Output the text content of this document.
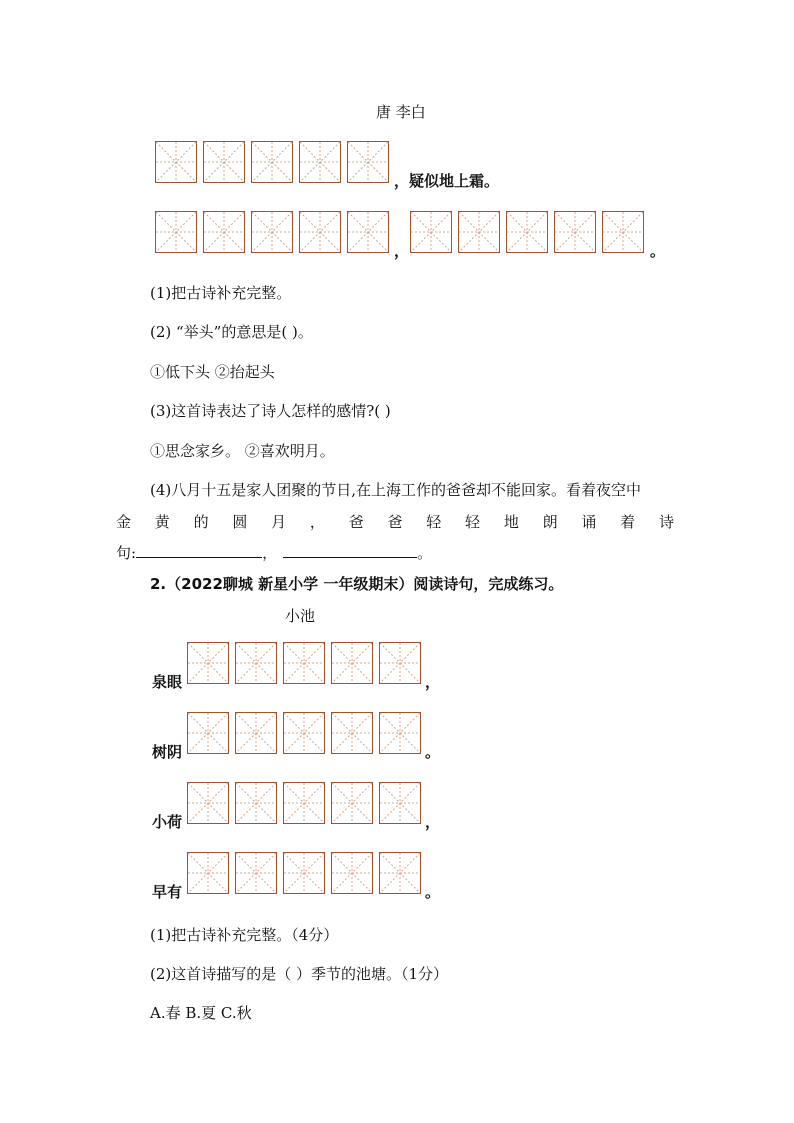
唐 李白
，疑似地上霜。
，	。
(1)把古诗补充完整。
(2) “举头”的意思是( )。
①低下头 ②抬起头
(3)这首诗表达了诗人怎样的感情?( )
①思念家乡。 ②喜欢明月。
(4)八月十五是家人团聚的节日,在上海工作的爸爸却不能回家。看着夜空中
金 黄 的 圆 月 ， 爸 爸 轻 轻 地 朗 诵 着 诗
句:	，	。
2.（2022聊城 新星小学 一年级期末）阅读诗句，完成练习。
小池
泉眼	，
树阴	。
小荷	，
早有	。
(1)把古诗补充完整。（4分）
(2)这首诗描写的是（ ）季节的池塘。（1分）
A.春 B.夏 C.秋
